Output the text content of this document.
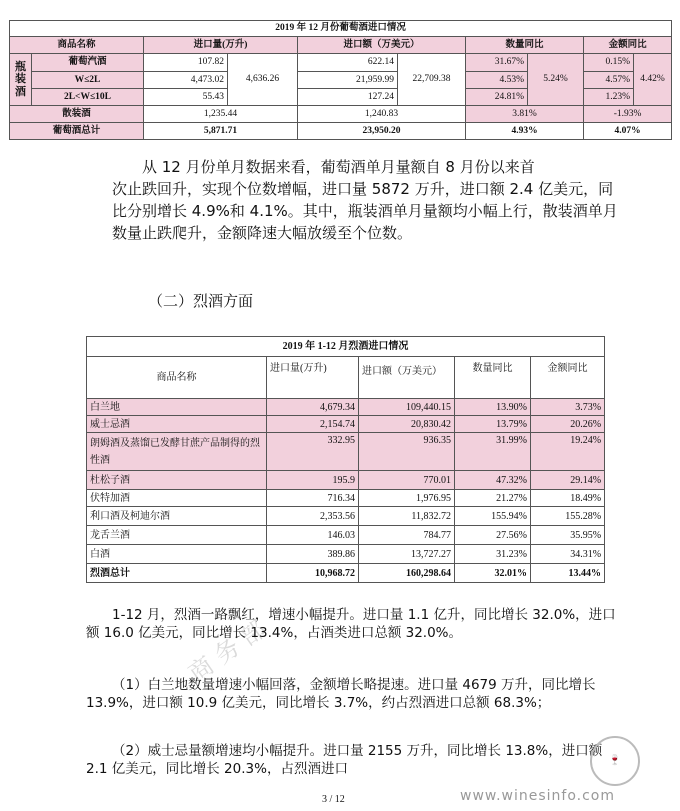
商 务 部
2019 年 12 月份葡萄酒进口情况									
商品名称		进口量(万升)		进口额（万美元）		数量同比		金额同比	
瓶装酒	葡萄汽酒	107.82	4,636.26	622.14	22,709.38	31.67%	5.24%	0.15%	4.42%
	W≤2L	4,473.02		21,959.99		4.53%		4.57%	
	2L<W≤10L	55.43		127.24		24.81%		1.23%	
散装酒		1,235.44		1,240.83		3.81%		-1.93%	
葡萄酒总计		5,871.71		23,950.20		4.93%		4.07%	
从 12 月份单月数据来看，葡萄酒单月量额自 8 月份以来首
次止跌回升，实现个位数增幅，进口量 5872 万升，进口额 2.4 亿美元，同比分别增长 4.9%和 4.1%。其中，瓶装酒单月量额均小幅上行，散装酒单月数量止跌爬升，金额降速大幅放缓至个位数。
（二）烈酒方面
2019 年 1-12 月烈酒进口情况				
商品名称	进口量(万升)	进口额（万美元）	数量同比	金额同比
白兰地	4,679.34	109,440.15	13.90%	3.73%
威士忌酒	2,154.74	20,830.42	13.79%	20.26%
朗姆酒及蒸馏已发酵甘蔗产品制得的烈性酒	332.95	936.35	31.99%	19.24%
杜松子酒	195.9	770.01	47.32%	29.14%
伏特加酒	716.34	1,976.95	21.27%	18.49%
利口酒及柯迪尔酒	2,353.56	11,832.72	155.94%	155.28%
龙舌兰酒	146.03	784.77	27.56%	35.95%
白酒	389.86	13,727.27	31.23%	34.31%
烈酒总计	10,968.72	160,298.64	32.01%	13.44%
1-12 月，烈酒一路飘红，增速小幅提升。进口量 1.1 亿升，同比增长 32.0%，进口额 16.0 亿美元，同比增长 13.4%，占酒类进口总额 32.0%。
（1）白兰地数量增速小幅回落，金额增长略提速。进口量 4679 万升，同比增长 13.9%，进口额 10.9 亿美元，同比增长 3.7%，约占烈酒进口总额 68.3%；
（2）威士忌量额增速均小幅提升。进口量 2155 万升，同比增长 13.8%，进口额 2.1 亿美元，同比增长 20.3%，占烈酒进口
3 / 12
🍷
www.winesinfo.com
